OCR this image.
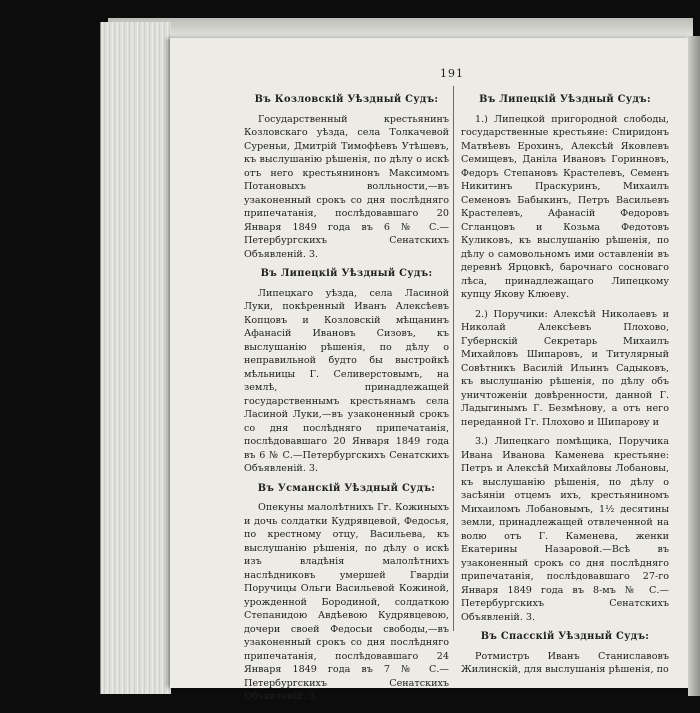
191
Въ Козловскій Уѣздный Судъ:

Государственный крестьянинъ Козловскаго уѣзда, села Толкачевой Суреньи, Дмитрій Тимофѣевъ Утѣшевъ, къ выслушанію рѣшенія, по дѣлу о искѣ отъ него крестьянинонъ Максимомъ Потановыхъ волльности,—въ узаконенный срокъ со дня послѣдняго припечатанія, послѣдовавшаго 20 Января 1849 года въ 6 № С.—Петербургскихъ Сенатскихъ Объявленій. 3.

Въ Липецкій Уѣздный Судъ:

Липецкаго уѣзда, села Ласиной Луки, покѣренный Иванъ Алексѣевъ Копцовъ и Козловскій мѣщанинъ Афанасій Ивановъ Сизовъ, къ выслушанію рѣшенія, по дѣлу о неправильной будто бы выстройкѣ мѣльницы Г. Селиверстовымъ, на землѣ, принадлежащей государственнымъ крестьянамъ села Ласиной Луки,—въ узаконенный срокъ со дня послѣдняго припечатанія, послѣдовавшаго 20 Января 1849 года въ 6 № С.—Петербургскихъ Сенатскихъ Объявленій. 3.

Въ Усманскій Уѣздный Судъ:

Опекуны малолѣтнихъ Гг. Кожиныхъ и дочь солдатки Кудрявцевой, Федосья, по крестному отцу, Васильева, къ выслушанію рѣшенія, по дѣлу о искѣ изъ владѣнія малолѣтнихъ наслѣдниковъ умершей Гвардіи Поручицы Ольги Васильевой Кожиной, урожденной Бородиной, солдаткою Степанидою Авдѣевою Кудрявцевою, дочери своей Федосьи свободы,—въ узаконенный срокъ со дня послѣдняго припечатанія, послѣдовавшаго 24 Января 1849 года въ 7 № С.—Петербургскихъ Сенатскихъ Объявленій. 3.

Въ Липецкій Уѣздный Судъ:

1.) Липецкой пригородной слободы, государственные крестьяне: Спиридонъ Матвѣевъ Ерохинъ, Алексѣй Яковлевъ Семищевъ, Даніла Ивановъ Горинновъ, Федоръ Степановъ Крастелевъ, Семенъ Никитинъ Праскуринъ, Михаилъ Семеновъ Бабыкинъ, Петръ Васильевъ Крастелевъ, Афанасій Федоровъ Сгланцовъ и Козьма Федотовъ Куликовъ, къ выслушанію рѣшенія, по дѣлу о самовольномъ ими оставленіи въ деревнѣ Ярцовкѣ, барочнаго сосноваго лѣса, принадлежащаго Липецкому купцу Якову Клюеву.

2.) Поручики: Алексѣй Николаевъ и Николай Алексѣевъ Плохово, Губернскій Секретарь Михаилъ Михайловъ Шипаровъ, и Титулярный Совѣтникъ Василій Ильинъ Садыковъ, къ выслушанію рѣшенія, по дѣлу объ уничтоженіи довѣренности, данной Г. Ладыгинымъ Г. Безмѣнову, а отъ него переданной Гг. Плохово и Шипарову и

3.) Липецкаго помѣщика, Поручика Ивана Иванова Каменева крестьяне: Петръ и Алексѣй Михайловы Лобановы, къ выслушанію рѣшенія, по дѣлу о засѣяніи отцемъ ихъ, крестьяниномъ Михаиломъ Лобановымъ, 1½ десятины земли, принадлежащей отвлеченной на волю отъ Г. Каменева, женки Екатерины Назаровой.—Всѣ въ узаконенный срокъ со дня послѣдняго припечатанія, послѣдовавшаго 27-го Января 1849 года въ 8-мъ № С.—Петербургскихъ Сенатскихъ Объявленій. 3.

Въ Спасскій Уѣздный Судъ:

Ротмистръ Иванъ Станиславовъ Жилинскій, для выслушанія рѣшенія, по
